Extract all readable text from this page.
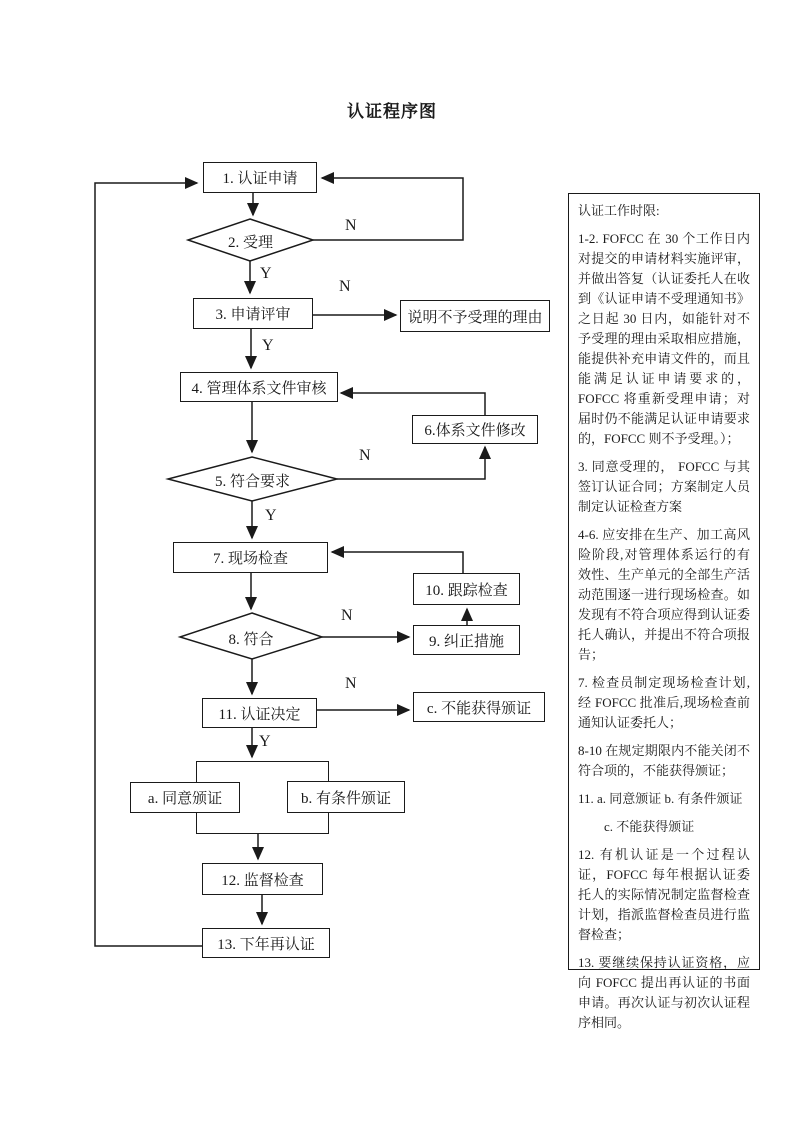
认证程序图
1. 认证申请
3. 申请评审	说明不予受理的理由
4. 管理体系文件审核
6.体系文件修改
7. 现场检查
10. 跟踪检查
9. 纠正措施
11. 认证决定	c. 不能获得颁证
a. 同意颁证	b. 有条件颁证
12. 监督检查
13. 下年再认证
2. 受理
5. 符合要求
8. 符合
N
Y
N
Y
N
Y
N
N
Y

认证工作时限:

1-2. FOFCC 在 30 个工作日内对提交的申请材料实施评审，并做出答复（认证委托人在收到《认证申请不受理通知书》之日起 30 日内，如能针对不予受理的理由采取相应措施，能提供补充申请文件的，而且能满足认证申请要求的，FOFCC 将重新受理申请；对届时仍不能满足认证申请要求的，FOFCC 则不予受理。）；

3. 同意受理的， FOFCC 与其签订认证合同；方案制定人员制定认证检查方案

4-6. 应安排在生产、加工高风险阶段,对管理体系运行的有效性、生产单元的全部生产活动范围逐一进行现场检查。如发现有不符合项应得到认证委托人确认，并提出不符合项报告；

7. 检查员制定现场检查计划,经 FOFCC 批准后,现场检查前通知认证委托人；

8-10 在规定期限内不能关闭不符合项的，不能获得颁证；

11. a. 同意颁证 b. 有条件颁证

c. 不能获得颁证

12. 有机认证是一个过程认证，FOFCC 每年根据认证委托人的实际情况制定监督检查计划，指派监督检查员进行监督检查；

13. 要继续保持认证资格，应向 FOFCC 提出再认证的书面申请。再次认证与初次认证程序相同。
